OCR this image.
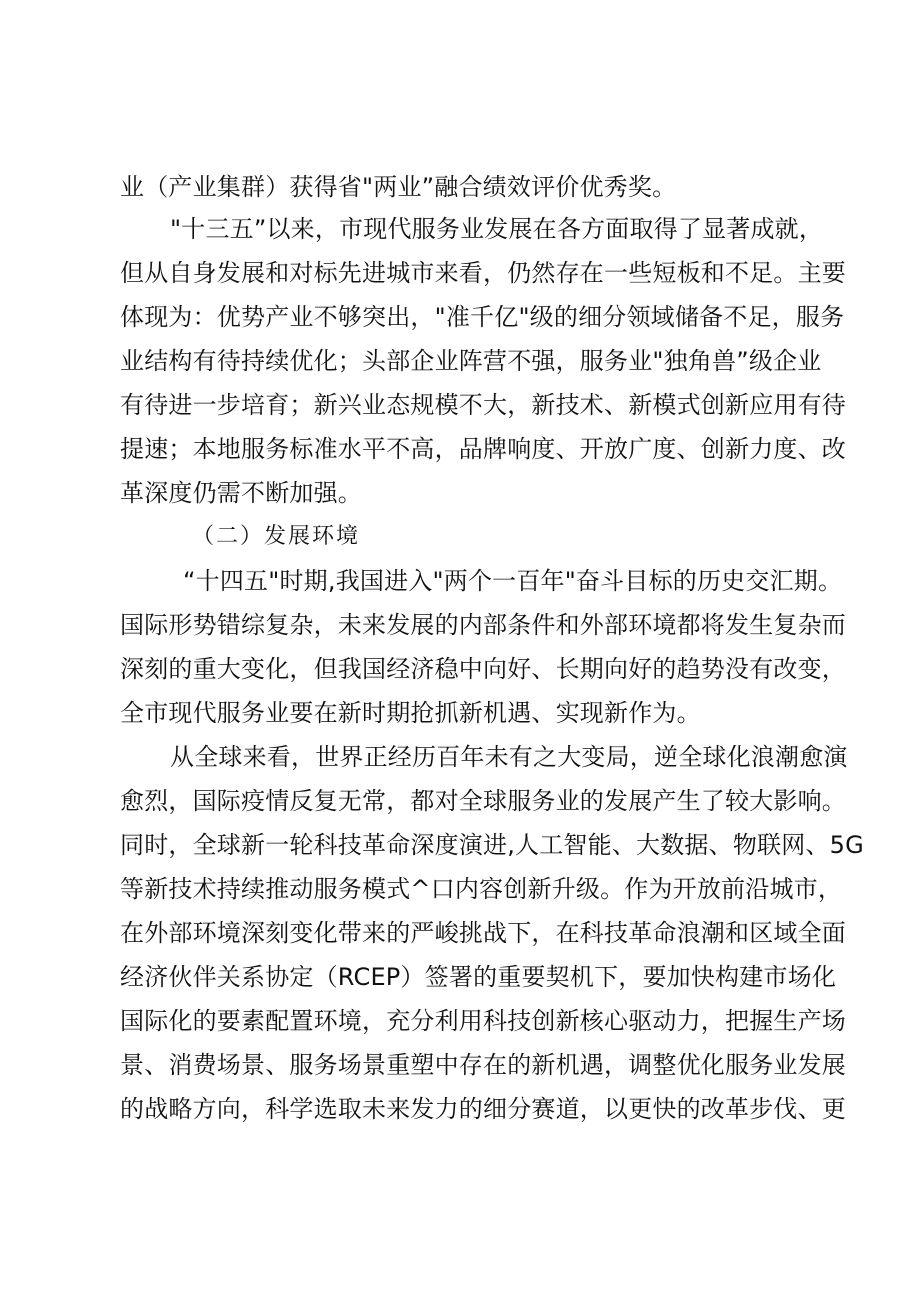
业（产业集群）获得省"两业”融合绩效评价优秀奖。
"十三五”以来，市现代服务业发展在各方面取得了显著成就，
但从自身发展和对标先进城市来看，仍然存在一些短板和不足。主要
体现为：优势产业不够突出，"准千亿"级的细分领域储备不足，服务
业结构有待持续优化；头部企业阵营不强，服务业"独角兽”级企业
有待进一步培育；新兴业态规模不大，新技术、新模式创新应用有待
提速；本地服务标准水平不高，品牌响度、开放广度、创新力度、改
革深度仍需不断加强。
（二）发展环境
“十四五"时期,我国进入"两个一百年"奋斗目标的历史交汇期。
国际形势错综复杂，未来发展的内部条件和外部环境都将发生复杂而
深刻的重大变化，但我国经济稳中向好、长期向好的趋势没有改变，
全市现代服务业要在新时期抢抓新机遇、实现新作为。
从全球来看，世界正经历百年未有之大变局，逆全球化浪潮愈演
愈烈，国际疫情反复无常，都对全球服务业的发展产生了较大影响。
同时，全球新一轮科技革命深度演进,人工智能、大数据、物联网、5G
等新技术持续推动服务模式^口内容创新升级。作为开放前沿城市，
在外部环境深刻变化带来的严峻挑战下，在科技革命浪潮和区域全面
经济伙伴关系协定（RCEP）签署的重要契机下，要加快构建市场化
国际化的要素配置环境，充分利用科技创新核心驱动力，把握生产场
景、消费场景、服务场景重塑中存在的新机遇，调整优化服务业发展
的战略方向，科学选取未来发力的细分赛道，以更快的改革步伐、更
